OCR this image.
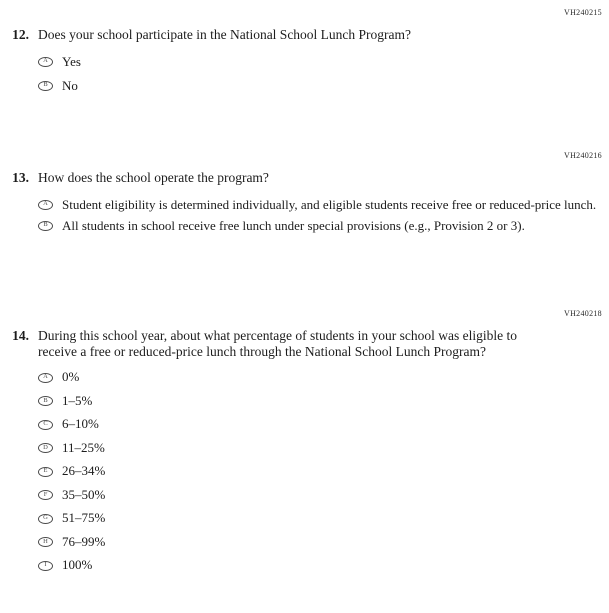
VH240215
12. Does your school participate in the National School Lunch Program?
A	Yes
B	No
VH240216
13. How does the school operate the program?
A	Student eligibility is determined individually, and eligible students receive free or reduced-price lunch.
B	All students in school receive free lunch under special provisions (e.g., Provision 2 or 3).
VH240218
14. During this school year, about what percentage of students in your school was eligible to receive a free or reduced-price lunch through the National School Lunch Program?
A	0%
B	1–5%
C	6–10%
D	11–25%
E	26–34%
F	35–50%
G	51–75%
H	76–99%
I	100%
